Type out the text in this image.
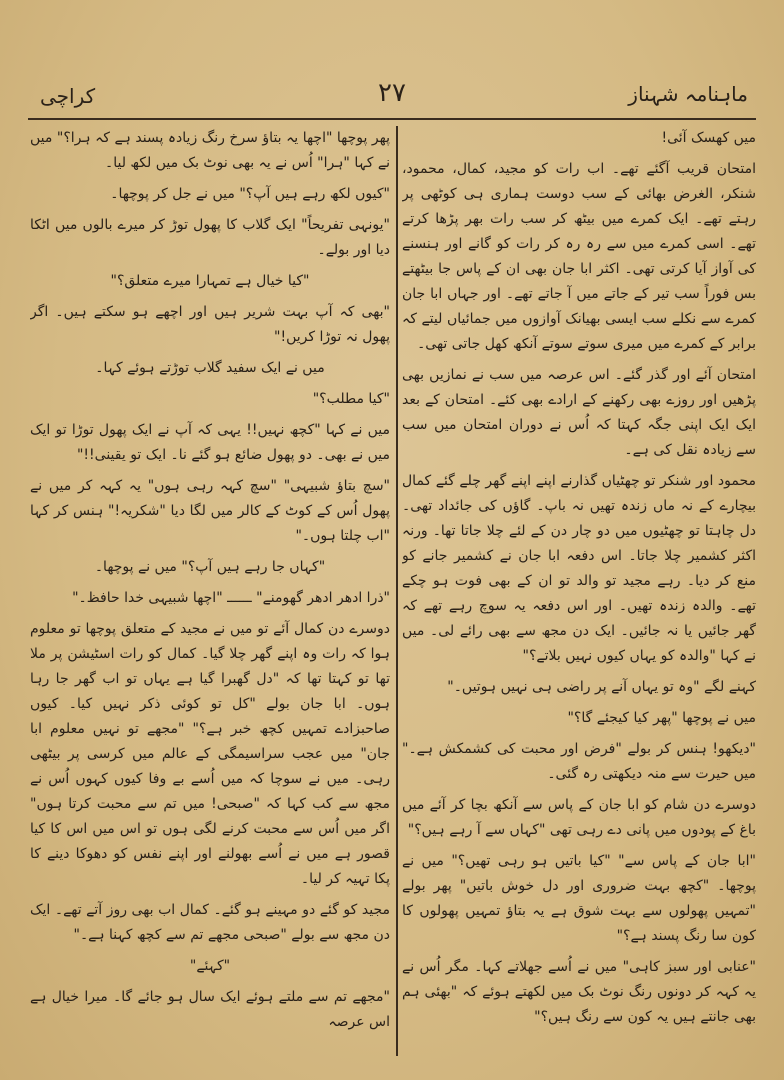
کراچی	۲۷	ماہنامہ شہناز

میں کھسک آئی!

امتحان قریب آگئے تھے۔ اب رات کو مجید، کمال، محمود، شنکر، الغرض بھائی کے سب دوست ہماری ہی کوٹھی پر رہتے تھے۔ ایک کمرے میں بیٹھ کر سب رات بھر پڑھا کرتے تھے۔ اسی کمرے میں سے رہ رہ کر رات کو گانے اور ہنسنے کی آواز آیا کرتی تھی۔ اکثر ابا جان بھی ان کے پاس جا بیٹھتے بس فوراً سب تیر کے جاتے میں آ جاتے تھے۔ اور جہاں ابا جان کمرے سے نکلے سب ایسی بھیانک آوازوں میں جمائیاں لیتے کہ برابر کے کمرے میں میری سوتے سوتے آنکھ کھل جاتی تھی۔

امتحان آئے اور گذر گئے۔ اس عرصہ میں سب نے نمازیں بھی پڑھیں اور روزے بھی رکھنے کے ارادے بھی کئے۔ امتحان کے بعد ایک ایک اپنی جگہ کہتا کہ اُس نے دوران امتحان میں سب سے زیادہ نقل کی ہے۔

محمود اور شنکر تو چھٹیاں گذارنے اپنے اپنے گھر چلے گئے کمال بیچارے کے نہ ماں زندہ تھیں نہ باپ۔ گاؤں کی جائداد تھی۔ دل چاہتا تو چھٹیوں میں دو چار دن کے لئے چلا جاتا تھا۔ ورنہ اکثر کشمیر چلا جاتا۔ اس دفعہ ابا جان نے کشمیر جانے کو منع کر دیا۔ رہے مجید تو والد تو ان کے بھی فوت ہو چکے تھے۔ والدہ زندہ تھیں۔ اور اس دفعہ یہ سوچ رہے تھے کہ گھر جائیں یا نہ جائیں۔ ایک دن مجھ سے بھی رائے لی۔ میں نے کہا "والدہ کو یہاں کیوں نہیں بلاتے؟"

کہنے لگے "وہ تو یہاں آنے پر راضی ہی نہیں ہوتیں۔"

میں نے پوچھا "پھر کیا کیجئے گا؟"

"دیکھو! ہنس کر بولے "فرض اور محبت کی کشمکش ہے۔" میں حیرت سے منہ دیکھتی رہ گئی۔

دوسرے دن شام کو ابا جان کے پاس سے آنکھ بچا کر آئے میں باغ کے پودوں میں پانی دے رہی تھی "کہاں سے آ رہے ہیں؟"

"ابا جان کے پاس سے" "کیا باتیں ہو رہی تھیں؟" میں نے پوچھا۔ "کچھ بہت ضروری اور دل خوش باتیں" پھر بولے "تمہیں پھولوں سے بہت شوق ہے یہ بتاؤ تمہیں پھولوں کا کون سا رنگ پسند ہے؟"

"عنابی اور سبز کاہی" میں نے اُسے جھلاتے کہا۔ مگر اُس نے یہ کہہ کر دونوں رنگ نوٹ بک میں لکھتے ہوئے کہ "بھئی ہم بھی جانتے ہیں یہ کون سے رنگ ہیں؟"

پھر پوچھا "اچھا یہ بتاؤ سرخ رنگ زیادہ پسند ہے کہ ہرا؟" میں نے کہا "ہرا" اُس نے یہ بھی نوٹ بک میں لکھ لیا۔

"کیوں لکھ رہے ہیں آپ؟" میں نے جل کر پوچھا۔

"یونہی تفریحاً" ایک گلاب کا پھول توڑ کر میرے بالوں میں اٹکا دیا اور بولے۔

"کیا خیال ہے تمہارا میرے متعلق؟"

"بھی کہ آپ بہت شریر ہیں اور اچھے ہو سکتے ہیں۔ اگر پھول نہ توڑا کریں!"

میں نے ایک سفید گلاب توڑتے ہوئے کہا۔

"کیا مطلب؟"

میں نے کہا "کچھ نہیں!! یہی کہ آپ نے ایک پھول توڑا تو ایک میں نے بھی۔ دو پھول ضائع ہو گئے نا۔ ایک تو یقینی!!"

"سچ بتاؤ شبیہی" "سچ کہہ رہی ہوں" یہ کہہ کر میں نے پھول اُس کے کوٹ کے کالر میں لگا دیا "شکریہ!" ہنس کر کہا "اب چلتا ہوں۔"

"کہاں جا رہے ہیں آپ؟" میں نے پوچھا۔

"ذرا ادھر ادھر گھومنے" ــــــ "اچھا شبیہی خدا حافظ۔"

دوسرے دن کمال آئے تو میں نے مجید کے متعلق پوچھا تو معلوم ہوا کہ رات وہ اپنے گھر چلا گیا۔ کمال کو رات اسٹیشن پر ملا تھا تو کہتا تھا کہ "دل گھبرا گیا ہے یہاں تو اب گھر جا رہا ہوں۔ ابا جان بولے "کل تو کوئی ذکر نہیں کیا۔ کیوں صاحبزادے تمہیں کچھ خبر ہے؟" "مجھے تو نہیں معلوم ابا جان" میں عجب سراسیمگی کے عالم میں کرسی پر بیٹھی رہی۔ میں نے سوچا کہ میں اُسے بے وفا کیوں کہوں اُس نے مجھ سے کب کہا کہ "صبحی! میں تم سے محبت کرتا ہوں" اگر میں اُس سے محبت کرنے لگی ہوں تو اس میں اس کا کیا قصور ہے میں نے اُسے بھولنے اور اپنے نفس کو دھوکا دینے کا پکا تہیہ کر لیا۔

مجید کو گئے دو مہینے ہو گئے۔ کمال اب بھی روز آتے تھے۔ ایک دن مجھ سے بولے "صبحی مجھے تم سے کچھ کہنا ہے۔"

"کہئے"

"مجھے تم سے ملتے ہوئے ایک سال ہو جائے گا۔ میرا خیال ہے اس عرصہ
